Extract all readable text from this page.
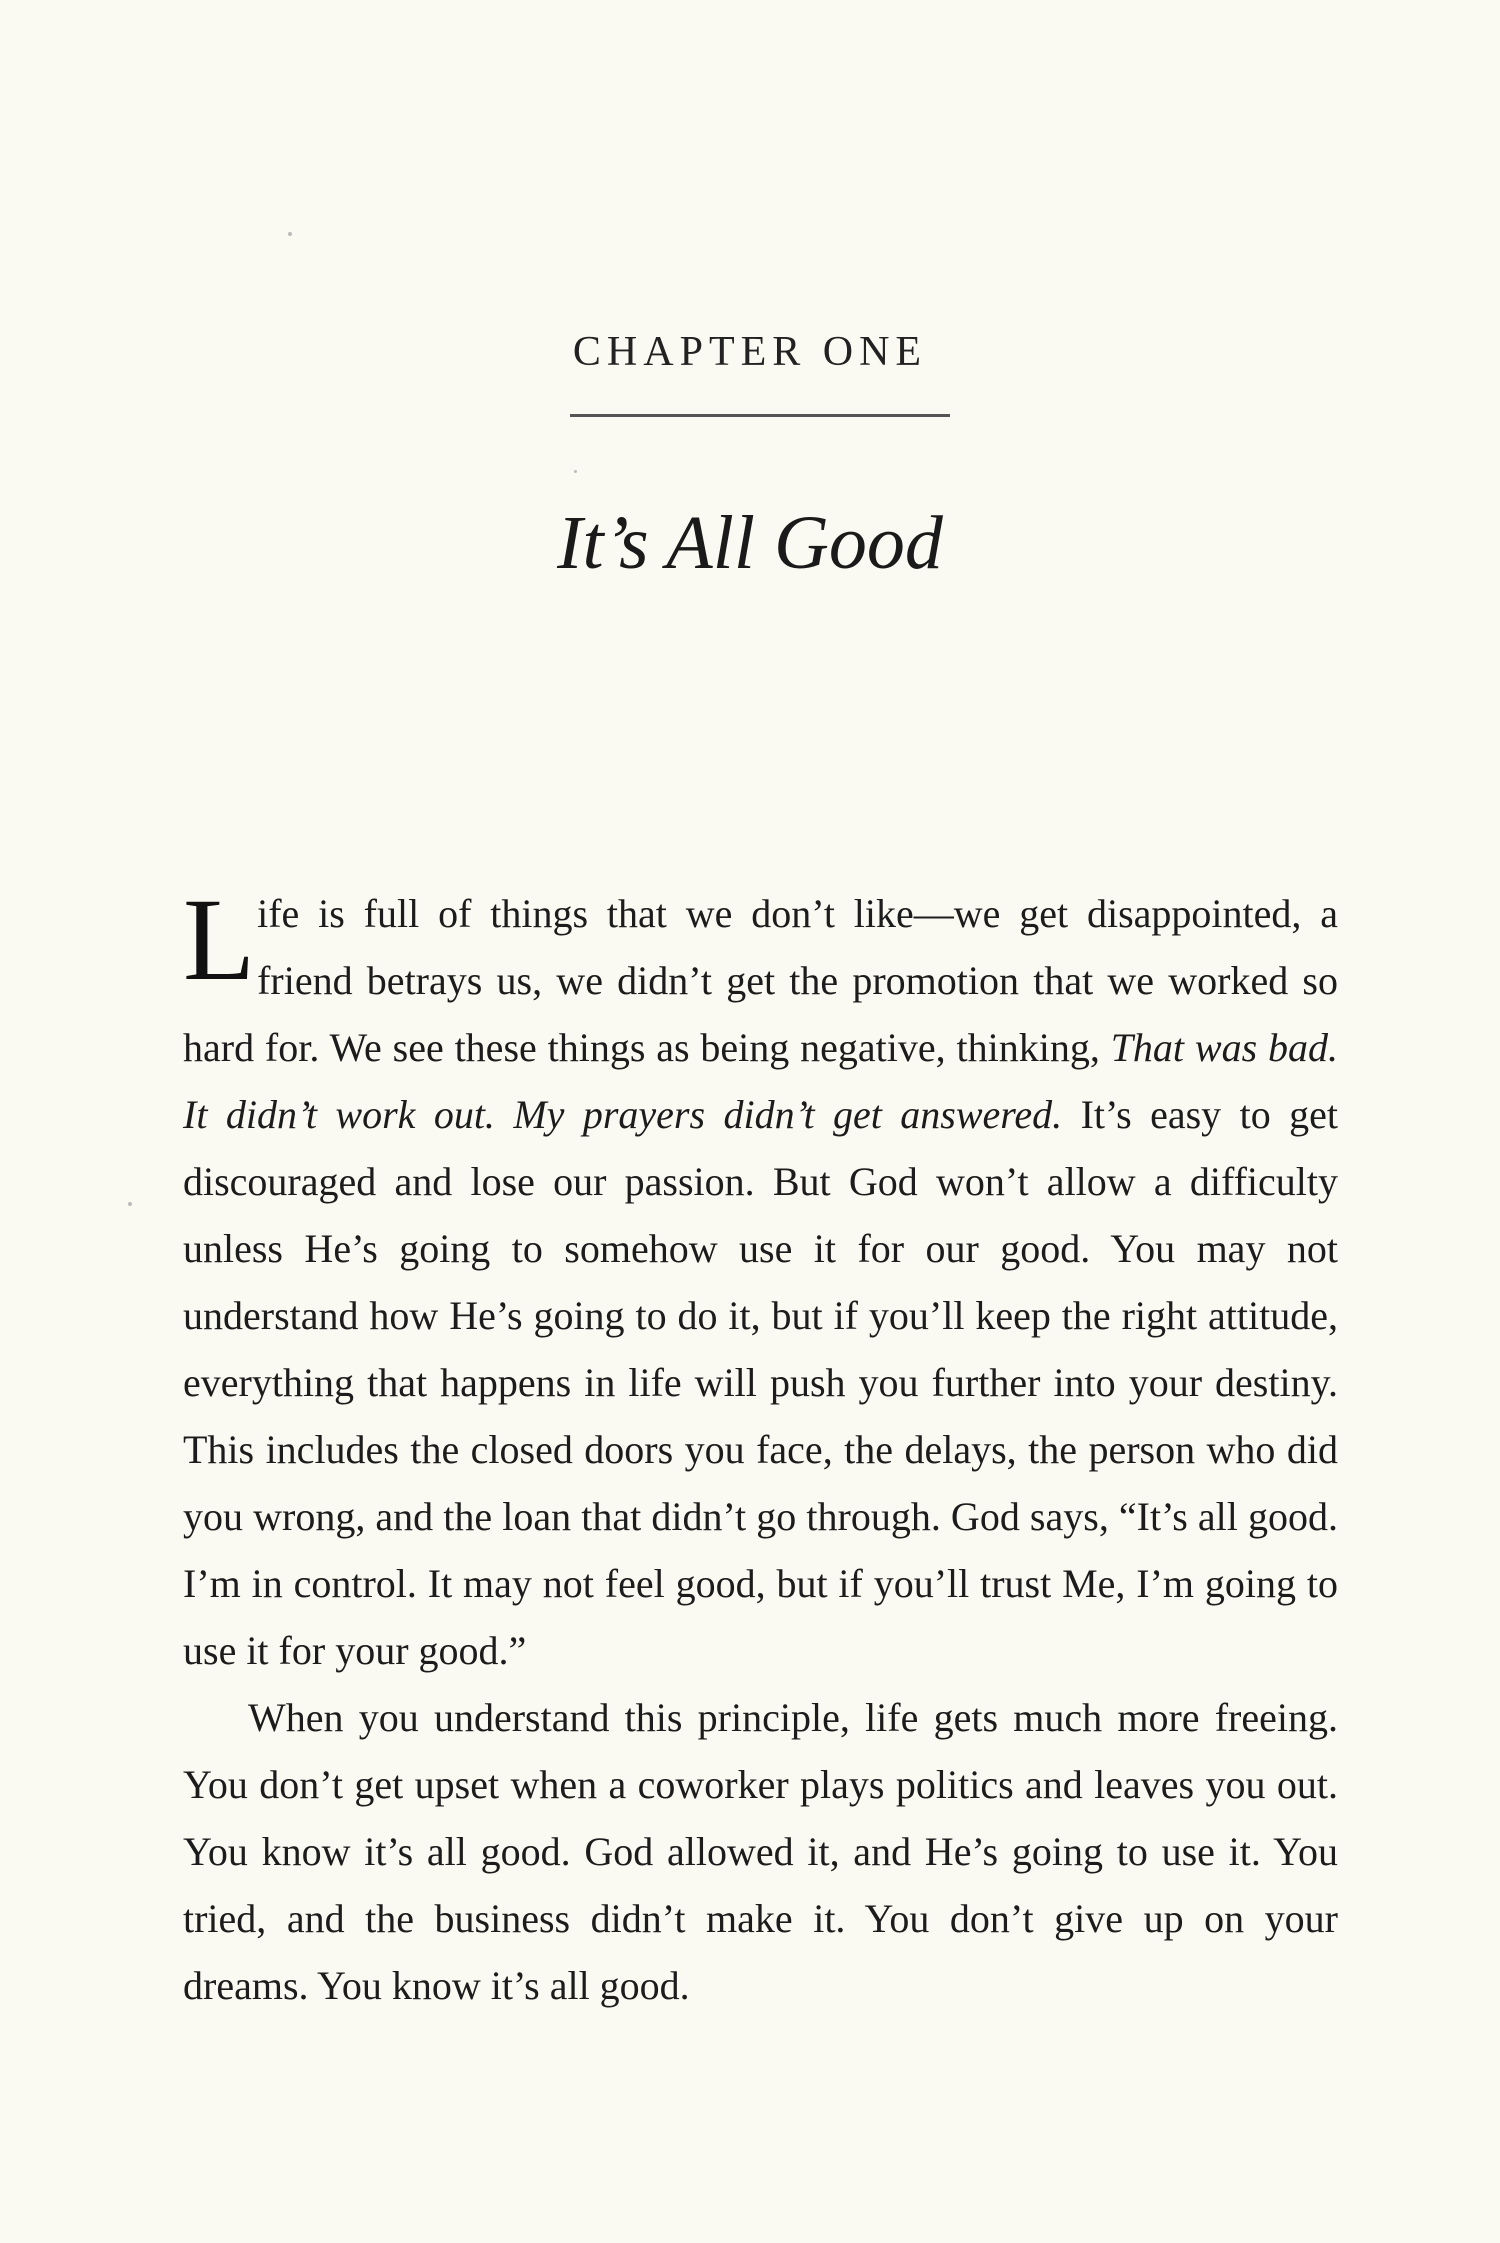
CHAPTER ONE
It’s All Good

Life is full of things that we don’t like—we get disappointed, a friend betrays us, we didn’t get the promotion that we worked so hard for. We see these things as being negative, thinking, That was bad. It didn’t work out. My prayers didn’t get answered. It’s easy to get discouraged and lose our passion. But God won’t allow a difficulty unless He’s going to somehow use it for our good. You may not understand how He’s going to do it, but if you’ll keep the right attitude, everything that happens in life will push you further into your destiny. This includes the closed doors you face, the delays, the person who did you wrong, and the loan that didn’t go through. God says, “It’s all good. I’m in control. It may not feel good, but if you’ll trust Me, I’m going to use it for your good.”

When you understand this principle, life gets much more freeing. You don’t get upset when a coworker plays politics and leaves you out. You know it’s all good. God allowed it, and He’s going to use it. You tried, and the business didn’t make it. You don’t give up on your dreams. You know it’s all good.
